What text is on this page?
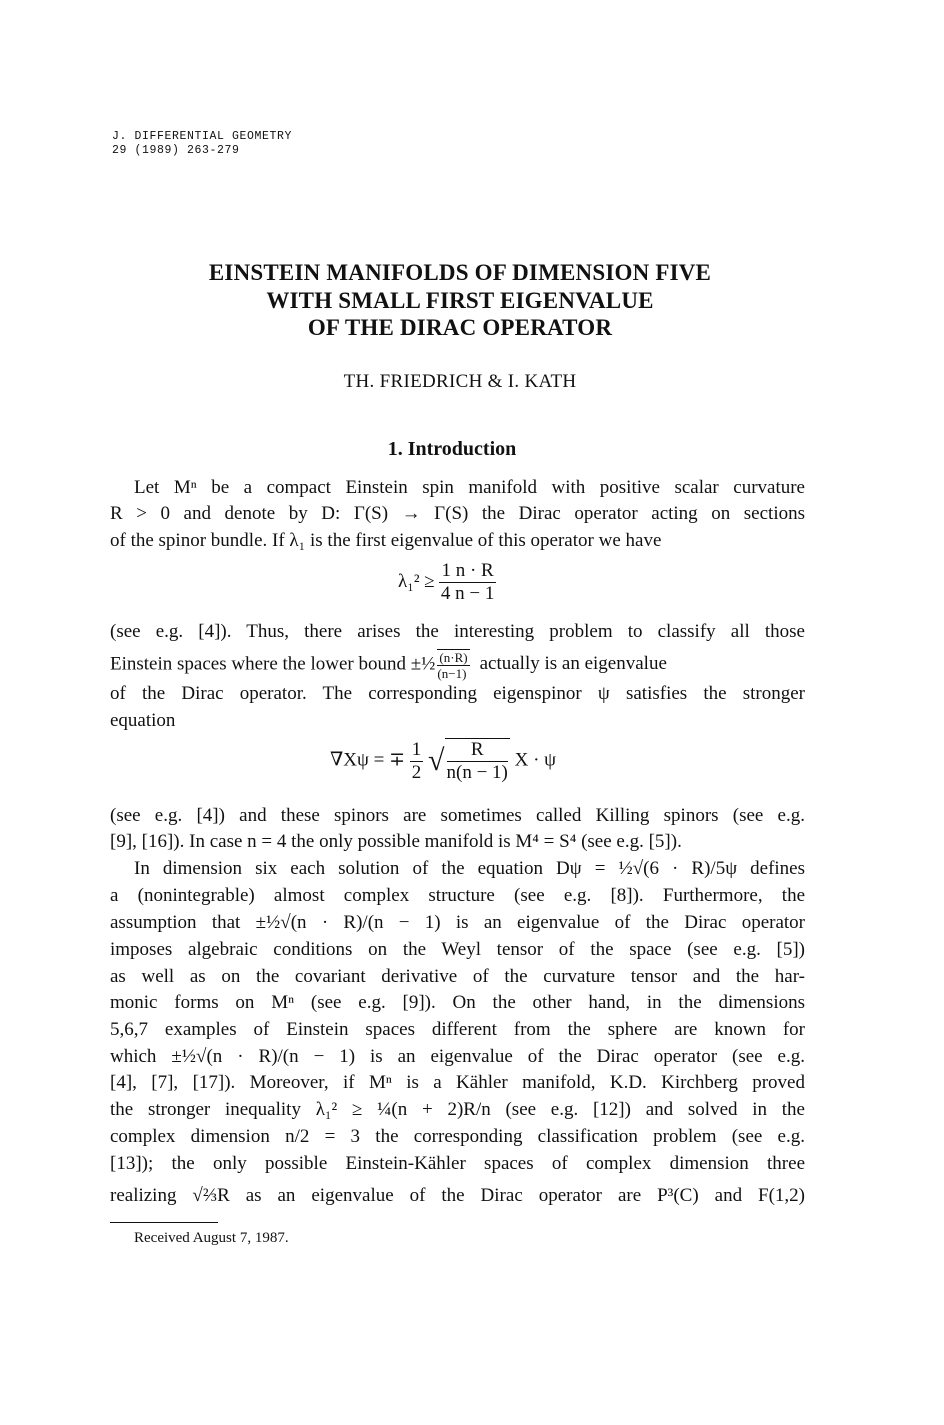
J. DIFFERENTIAL GEOMETRY
29 (1989) 263-279
EINSTEIN MANIFOLDS OF DIMENSION FIVE
WITH SMALL FIRST EIGENVALUE
OF THE DIRAC OPERATOR
TH. FRIEDRICH & I. KATH
1. Introduction
Let Mⁿ be a compact Einstein spin manifold with positive scalar curvature
R > 0 and denote by D: Γ(S) → Γ(S) the Dirac operator acting on sections
of the spinor bundle. If λ₁ is the first eigenvalue of this operator we have
$\lambda_1^2 \ge \frac{1 n \cdot R}{4 n - 1}$
(see e.g. [4]). Thus, there arises the interesting problem to classify all those
Einstein spaces where the lower bound ±½ $\frac{(n\cdot R)}{(n-1)}$ actually is an eigenvalue
of the Dirac operator. The corresponding eigenspinor ψ satisfies the stronger
equation
∇Xψ = ∓ $\frac{1}{2}$ √ $\frac{R}{n(n - 1)}$ X · ψ
(see e.g. [4]) and these spinors are sometimes called Killing spinors (see e.g.
[9], [16]). In case n = 4 the only possible manifold is M⁴ = S⁴ (see e.g. [5]).
In dimension six each solution of the equation Dψ = ½√(6 · R)/5ψ defines
a (nonintegrable) almost complex structure (see e.g. [8]). Furthermore, the
assumption that ±½√(n · R)/(n − 1) is an eigenvalue of the Dirac operator
imposes algebraic conditions on the Weyl tensor of the space (see e.g. [5])
as well as on the covariant derivative of the curvature tensor and the har-
monic forms on Mⁿ (see e.g. [9]). On the other hand, in the dimensions
5,6,7 examples of Einstein spaces different from the sphere are known for
which ±½√(n · R)/(n − 1) is an eigenvalue of the Dirac operator (see e.g.
[4], [7], [17]). Moreover, if Mⁿ is a Kähler manifold, K.D. Kirchberg proved
the stronger inequality λ₁² ≥ ¼(n + 2)R/n (see e.g. [12]) and solved in the
complex dimension n/2 = 3 the corresponding classification problem (see e.g.
[13]); the only possible Einstein-Kähler spaces of complex dimension three
realizing √⅔R as an eigenvalue of the Dirac operator are P³(C) and F(1,2)
Received August 7, 1987.
